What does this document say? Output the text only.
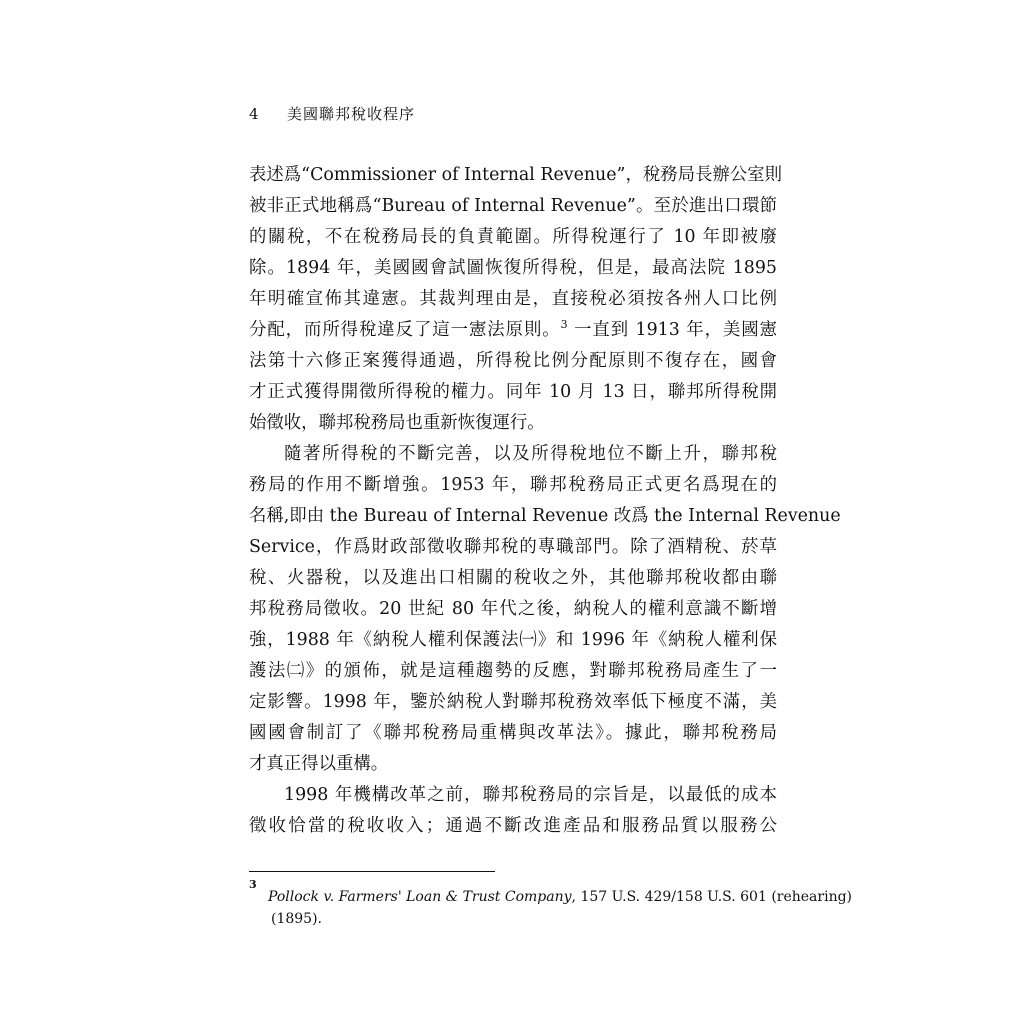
4 美國聯邦稅收程序
表述爲“Commissioner of Internal Revenue”，稅務局長辦公室則
被非正式地稱爲“Bureau of Internal Revenue”。至於進出口環節
的關稅，不在稅務局長的負責範圍。所得稅運行了 10 年即被廢
除。1894 年，美國國會試圖恢復所得稅，但是，最高法院 1895
年明確宣佈其違憲。其裁判理由是，直接稅必須按各州人口比例
分配，而所得稅違反了這一憲法原則。$^3$ 一直到 1913 年，美國憲
法第十六修正案獲得通過，所得稅比例分配原則不復存在，國會
才正式獲得開徵所得稅的權力。同年 10 月 13 日，聯邦所得稅開
始徵收，聯邦稅務局也重新恢復運行。
隨著所得稅的不斷完善，以及所得稅地位不斷上升，聯邦稅
務局的作用不斷增強。1953 年，聯邦稅務局正式更名爲現在的
名稱,即由 the Bureau of Internal Revenue 改爲 the Internal Revenue
Service，作爲財政部徵收聯邦稅的專職部門。除了酒精稅、菸草
稅、火器稅，以及進出口相關的稅收之外，其他聯邦稅收都由聯
邦稅務局徵收。20 世紀 80 年代之後，納稅人的權利意識不斷增
強，1988 年《納稅人權利保護法㈠》和 1996 年《納稅人權利保
護法㈡》的頒佈，就是這種趨勢的反應，對聯邦稅務局產生了一
定影響。1998 年，鑒於納稅人對聯邦稅務效率低下極度不滿，美
國國會制訂了《聯邦稅務局重構與改革法》。據此，聯邦稅務局
才真正得以重構。
1998 年機構改革之前，聯邦稅務局的宗旨是，以最低的成本
徵收恰當的稅收收入；通過不斷改進產品和服務品質以服務公
3
Pollock v. Farmers' Loan & Trust Company, 157 U.S. 429/158 U.S. 601 (rehearing)
(1895).
